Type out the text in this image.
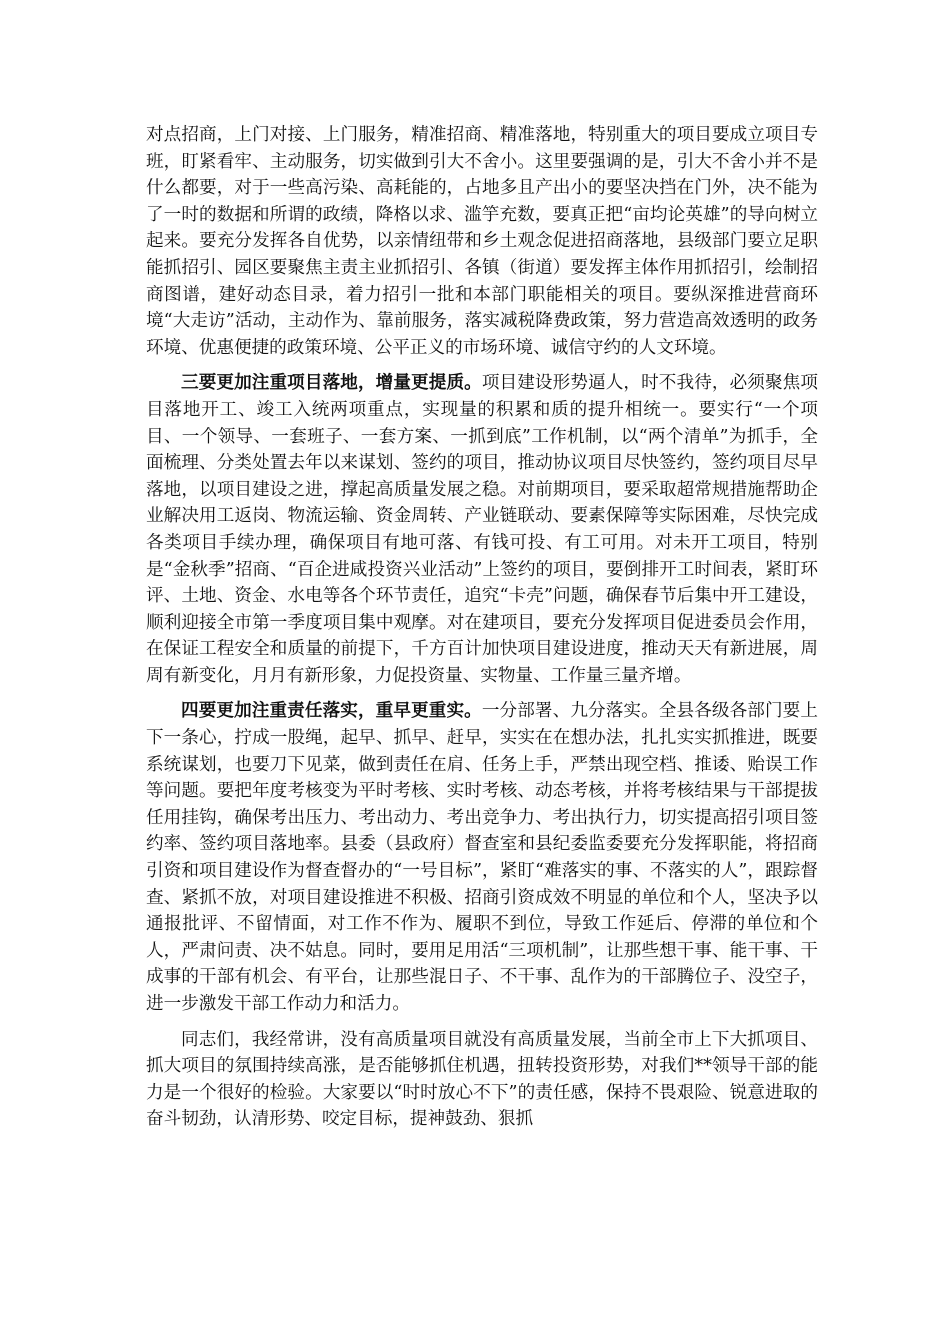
对点招商，上门对接、上门服务，精准招商、精准落地，特别重大的项目要成立项目专班，盯紧看牢、主动服务，切实做到引大不舍小。这里要强调的是，引大不舍小并不是什么都要，对于一些高污染、高耗能的，占地多且产出小的要坚决挡在门外，决不能为了一时的数据和所谓的政绩，降格以求、滥竽充数，要真正把“亩均论英雄”的导向树立起来。要充分发挥各自优势，以亲情纽带和乡土观念促进招商落地，县级部门要立足职能抓招引、园区要聚焦主责主业抓招引、各镇（街道）要发挥主体作用抓招引，绘制招商图谱，建好动态目录，着力招引一批和本部门职能相关的项目。要纵深推进营商环境“大走访”活动，主动作为、靠前服务，落实减税降费政策，努力营造高效透明的政务环境、优惠便捷的政策环境、公平正义的市场环境、诚信守约的人文环境。

三要更加注重项目落地，增量更提质。项目建设形势逼人，时不我待，必须聚焦项目落地开工、竣工入统两项重点，实现量的积累和质的提升相统一。要实行“一个项目、一个领导、一套班子、一套方案、一抓到底”工作机制，以“两个清单”为抓手，全面梳理、分类处置去年以来谋划、签约的项目，推动协议项目尽快签约，签约项目尽早落地，以项目建设之进，撑起高质量发展之稳。对前期项目，要采取超常规措施帮助企业解决用工返岗、物流运输、资金周转、产业链联动、要素保障等实际困难，尽快完成各类项目手续办理，确保项目有地可落、有钱可投、有工可用。对未开工项目，特别是“金秋季”招商、“百企进咸投资兴业活动”上签约的项目，要倒排开工时间表，紧盯环评、土地、资金、水电等各个环节责任，追究“卡壳”问题，确保春节后集中开工建设，顺利迎接全市第一季度项目集中观摩。对在建项目，要充分发挥项目促进委员会作用，在保证工程安全和质量的前提下，千方百计加快项目建设进度，推动天天有新进展，周周有新变化，月月有新形象，力促投资量、实物量、工作量三量齐增。

四要更加注重责任落实，重早更重实。一分部署、九分落实。全县各级各部门要上下一条心，拧成一股绳，起早、抓早、赶早，实实在在想办法，扎扎实实抓推进，既要系统谋划，也要刀下见菜，做到责任在肩、任务上手，严禁出现空档、推诿、贻误工作等问题。要把年度考核变为平时考核、实时考核、动态考核，并将考核结果与干部提拔任用挂钩，确保考出压力、考出动力、考出竞争力、考出执行力，切实提高招引项目签约率、签约项目落地率。县委（县政府）督查室和县纪委监委要充分发挥职能，将招商引资和项目建设作为督查督办的“一号目标”，紧盯“难落实的事、不落实的人”，跟踪督查、紧抓不放，对项目建设推进不积极、招商引资成效不明显的单位和个人，坚决予以通报批评、不留情面，对工作不作为、履职不到位，导致工作延后、停滞的单位和个人，严肃问责、决不姑息。同时，要用足用活“三项机制”，让那些想干事、能干事、干成事的干部有机会、有平台，让那些混日子、不干事、乱作为的干部腾位子、没空子，进一步激发干部工作动力和活力。

同志们，我经常讲，没有高质量项目就没有高质量发展，当前全市上下大抓项目、抓大项目的氛围持续高涨，是否能够抓住机遇，扭转投资形势，对我们**领导干部的能力是一个很好的检验。大家要以“时时放心不下”的责任感，保持不畏艰险、锐意进取的奋斗韧劲，认清形势、咬定目标，提神鼓劲、狠抓
